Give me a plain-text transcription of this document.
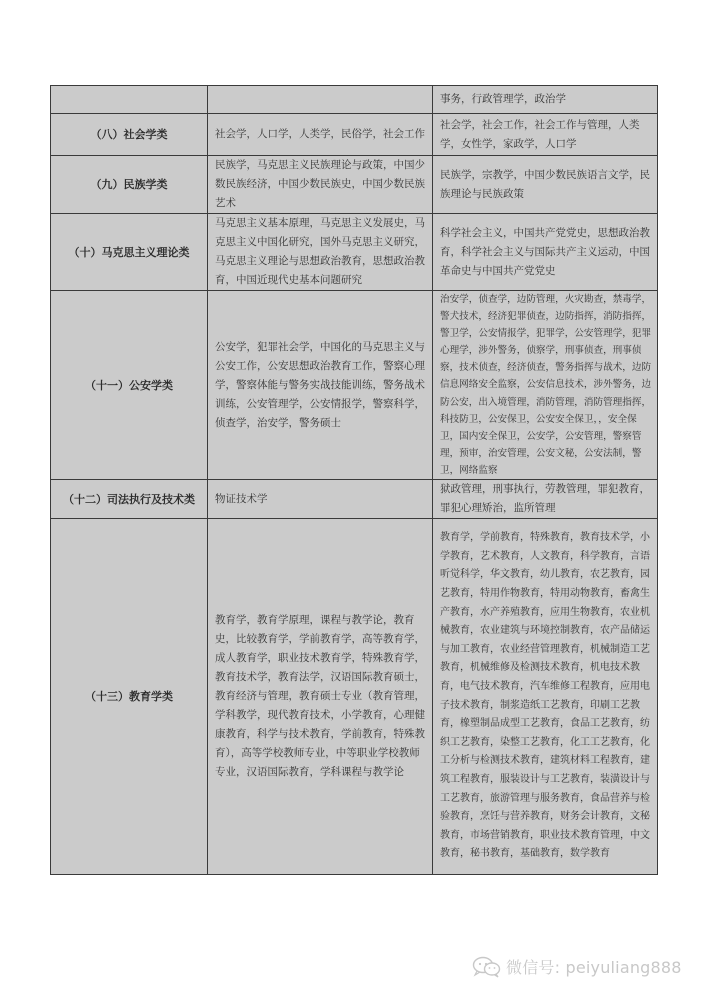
		事务，行政管理学，政治学
（八）社会学类	社会学，人口学，人类学，民俗学，社会工作	社会学，社会工作，社会工作与管理，人类学，女性学，家政学，人口学
（九）民族学类	民族学，马克思主义民族理论与政策，中国少数民族经济，中国少数民族史，中国少数民族艺术	民族学，宗教学，中国少数民族语言文学，民族理论与民族政策
（十）马克思主义理论类	马克思主义基本原理，马克思主义发展史，马克思主义中国化研究，国外马克思主义研究，马克思主义理论与思想政治教育，思想政治教育，中国近现代史基本问题研究	科学社会主义，中国共产党党史，思想政治教育，科学社会主义与国际共产主义运动，中国革命史与中国共产党党史
（十一）公安学类	公安学，犯罪社会学，中国化的马克思主义与公安工作，公安思想政治教育工作，警察心理学，警察体能与警务实战技能训练，警务战术训练，公安管理学，公安情报学，警察科学，侦查学，治安学，警务硕士	治安学，侦查学，边防管理，火灾勘查，禁毒学，警犬技术，经济犯罪侦查，边防指挥，消防指挥，警卫学，公安情报学，犯罪学，公安管理学，犯罪心理学，涉外警务，侦察学，刑事侦查，刑事侦察，技术侦查，经济侦查，警务指挥与战术，边防信息网络安全监察，公安信息技术，涉外警务，边防公安，出入境管理，消防管理，消防管理指挥，科技防卫，公安保卫，公安安全保卫，，安全保卫，国内安全保卫，公安学，公安管理，警察管理，预审，治安管理，公安文秘，公安法制，警卫，网络监察
（十二）司法执行及技术类	物证技术学	狱政管理，刑事执行，劳教管理，罪犯教育，罪犯心理矫治，监所管理
（十三）教育学类	教育学，教育学原理，课程与教学论，教育史，比较教育学，学前教育学，高等教育学，成人教育学，职业技术教育学，特殊教育学，教育技术学，教育法学，汉语国际教育硕士，教育经济与管理，教育硕士专业（教育管理，学科教学，现代教育技术，小学教育，心理健康教育，科学与技术教育，学前教育，特殊教育），高等学校教师专业，中等职业学校教师专业，汉语国际教育，学科课程与教学论	教育学，学前教育，特殊教育，教育技术学，小学教育，艺术教育，人文教育，科学教育，言语听觉科学，华文教育，幼儿教育，农艺教育，园艺教育，特用作物教育，特用动物教育，畜禽生产教育，水产养殖教育，应用生物教育，农业机械教育，农业建筑与环境控制教育，农产品储运与加工教育，农业经营管理教育，机械制造工艺教育，机械维修及检测技术教育，机电技术教育，电气技术教育，汽车维修工程教育，应用电子技术教育，制浆造纸工艺教育，印刷工艺教育，橡塑制品成型工艺教育，食品工艺教育，纺织工艺教育，染整工艺教育，化工工艺教育，化工分析与检测技术教育，建筑材料工程教育，建筑工程教育，服装设计与工艺教育，装潢设计与工艺教育，旅游管理与服务教育，食品营养与检验教育，烹饪与营养教育，财务会计教育，文秘教育，市场营销教育，职业技术教育管理，中文教育，秘书教育，基础教育，数学教育
微信号: peiyuliang888
